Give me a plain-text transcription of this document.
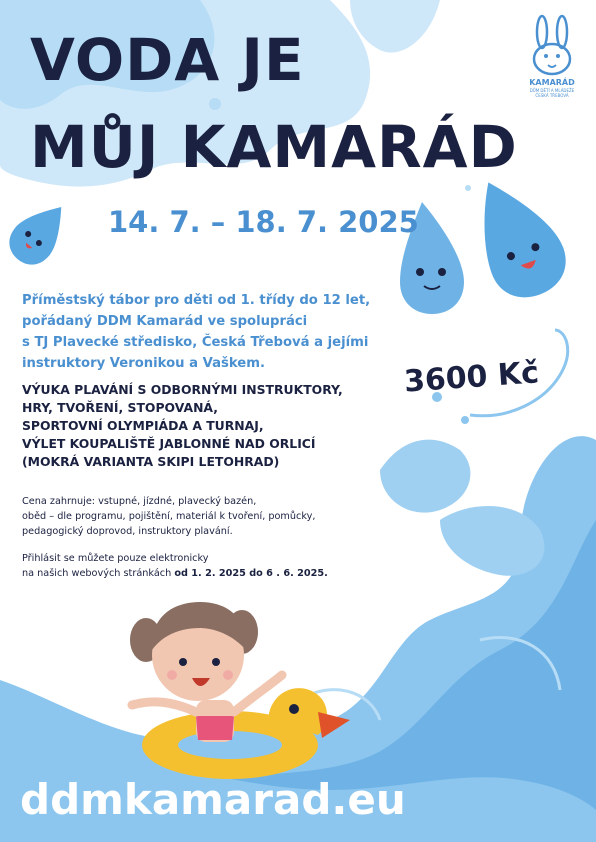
KAMARÁD
DŮM DĚTÍ A MLÁDEŽE
ČESKÁ TŘEBOVÁ
VODA JE
MŮJ KAMARÁD
14. 7. – 18. 7. 2025
3600 Kč
Příměstský tábor pro děti od 1. třídy do 12 let,
pořádaný DDM Kamarád ve spolupráci
s TJ Plavecké středisko, Česká Třebová a jejími
instruktory Veronikou a Vaškem.
VÝUKA PLAVÁNÍ S ODBORNÝMI INSTRUKTORY,
HRY, TVOŘENÍ, STOPOVANÁ,
SPORTOVNÍ OLYMPIÁDA A TURNAJ,
VÝLET KOUPALIŠTĚ JABLONNÉ NAD ORLICÍ
(MOKRÁ VARIANTA SKIPI LETOHRAD)
Cena zahrnuje: vstupné, jízdné, plavecký bazén,
oběd – dle programu, pojištění, materiál k tvoření, pomůcky,
pedagogický doprovod, instruktory plavání.
Přihlásit se můžete pouze elektronicky
na našich webových stránkách od 1. 2. 2025 do 6 . 6. 2025.
ddmkamarad.eu
